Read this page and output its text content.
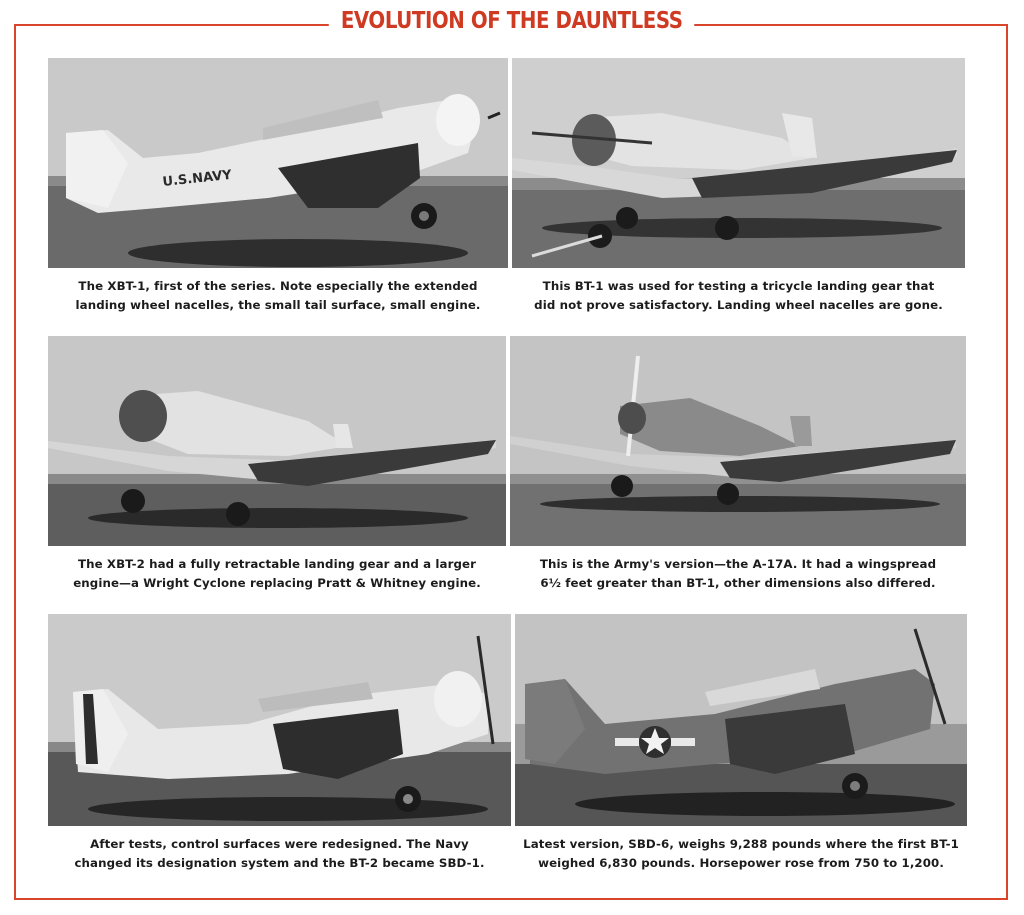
EVOLUTION OF THE DAUNTLESS
U.S.NAVY
The XBT-1, first of the series. Note especially the extended
landing wheel nacelles, the small tail surface, small engine.
This BT-1 was used for testing a tricycle landing gear that
did not prove satisfactory. Landing wheel nacelles are gone.
The XBT-2 had a fully retractable landing gear and a larger
engine—a Wright Cyclone replacing Pratt & Whitney engine.
This is the Army's version—the A-17A. It had a wingspread
6½ feet greater than BT-1, other dimensions also differed.
After tests, control surfaces were redesigned. The Navy
changed its designation system and the BT-2 became SBD-1.
Latest version, SBD-6, weighs 9,288 pounds where the first BT-1
weighed 6,830 pounds. Horsepower rose from 750 to 1,200.
